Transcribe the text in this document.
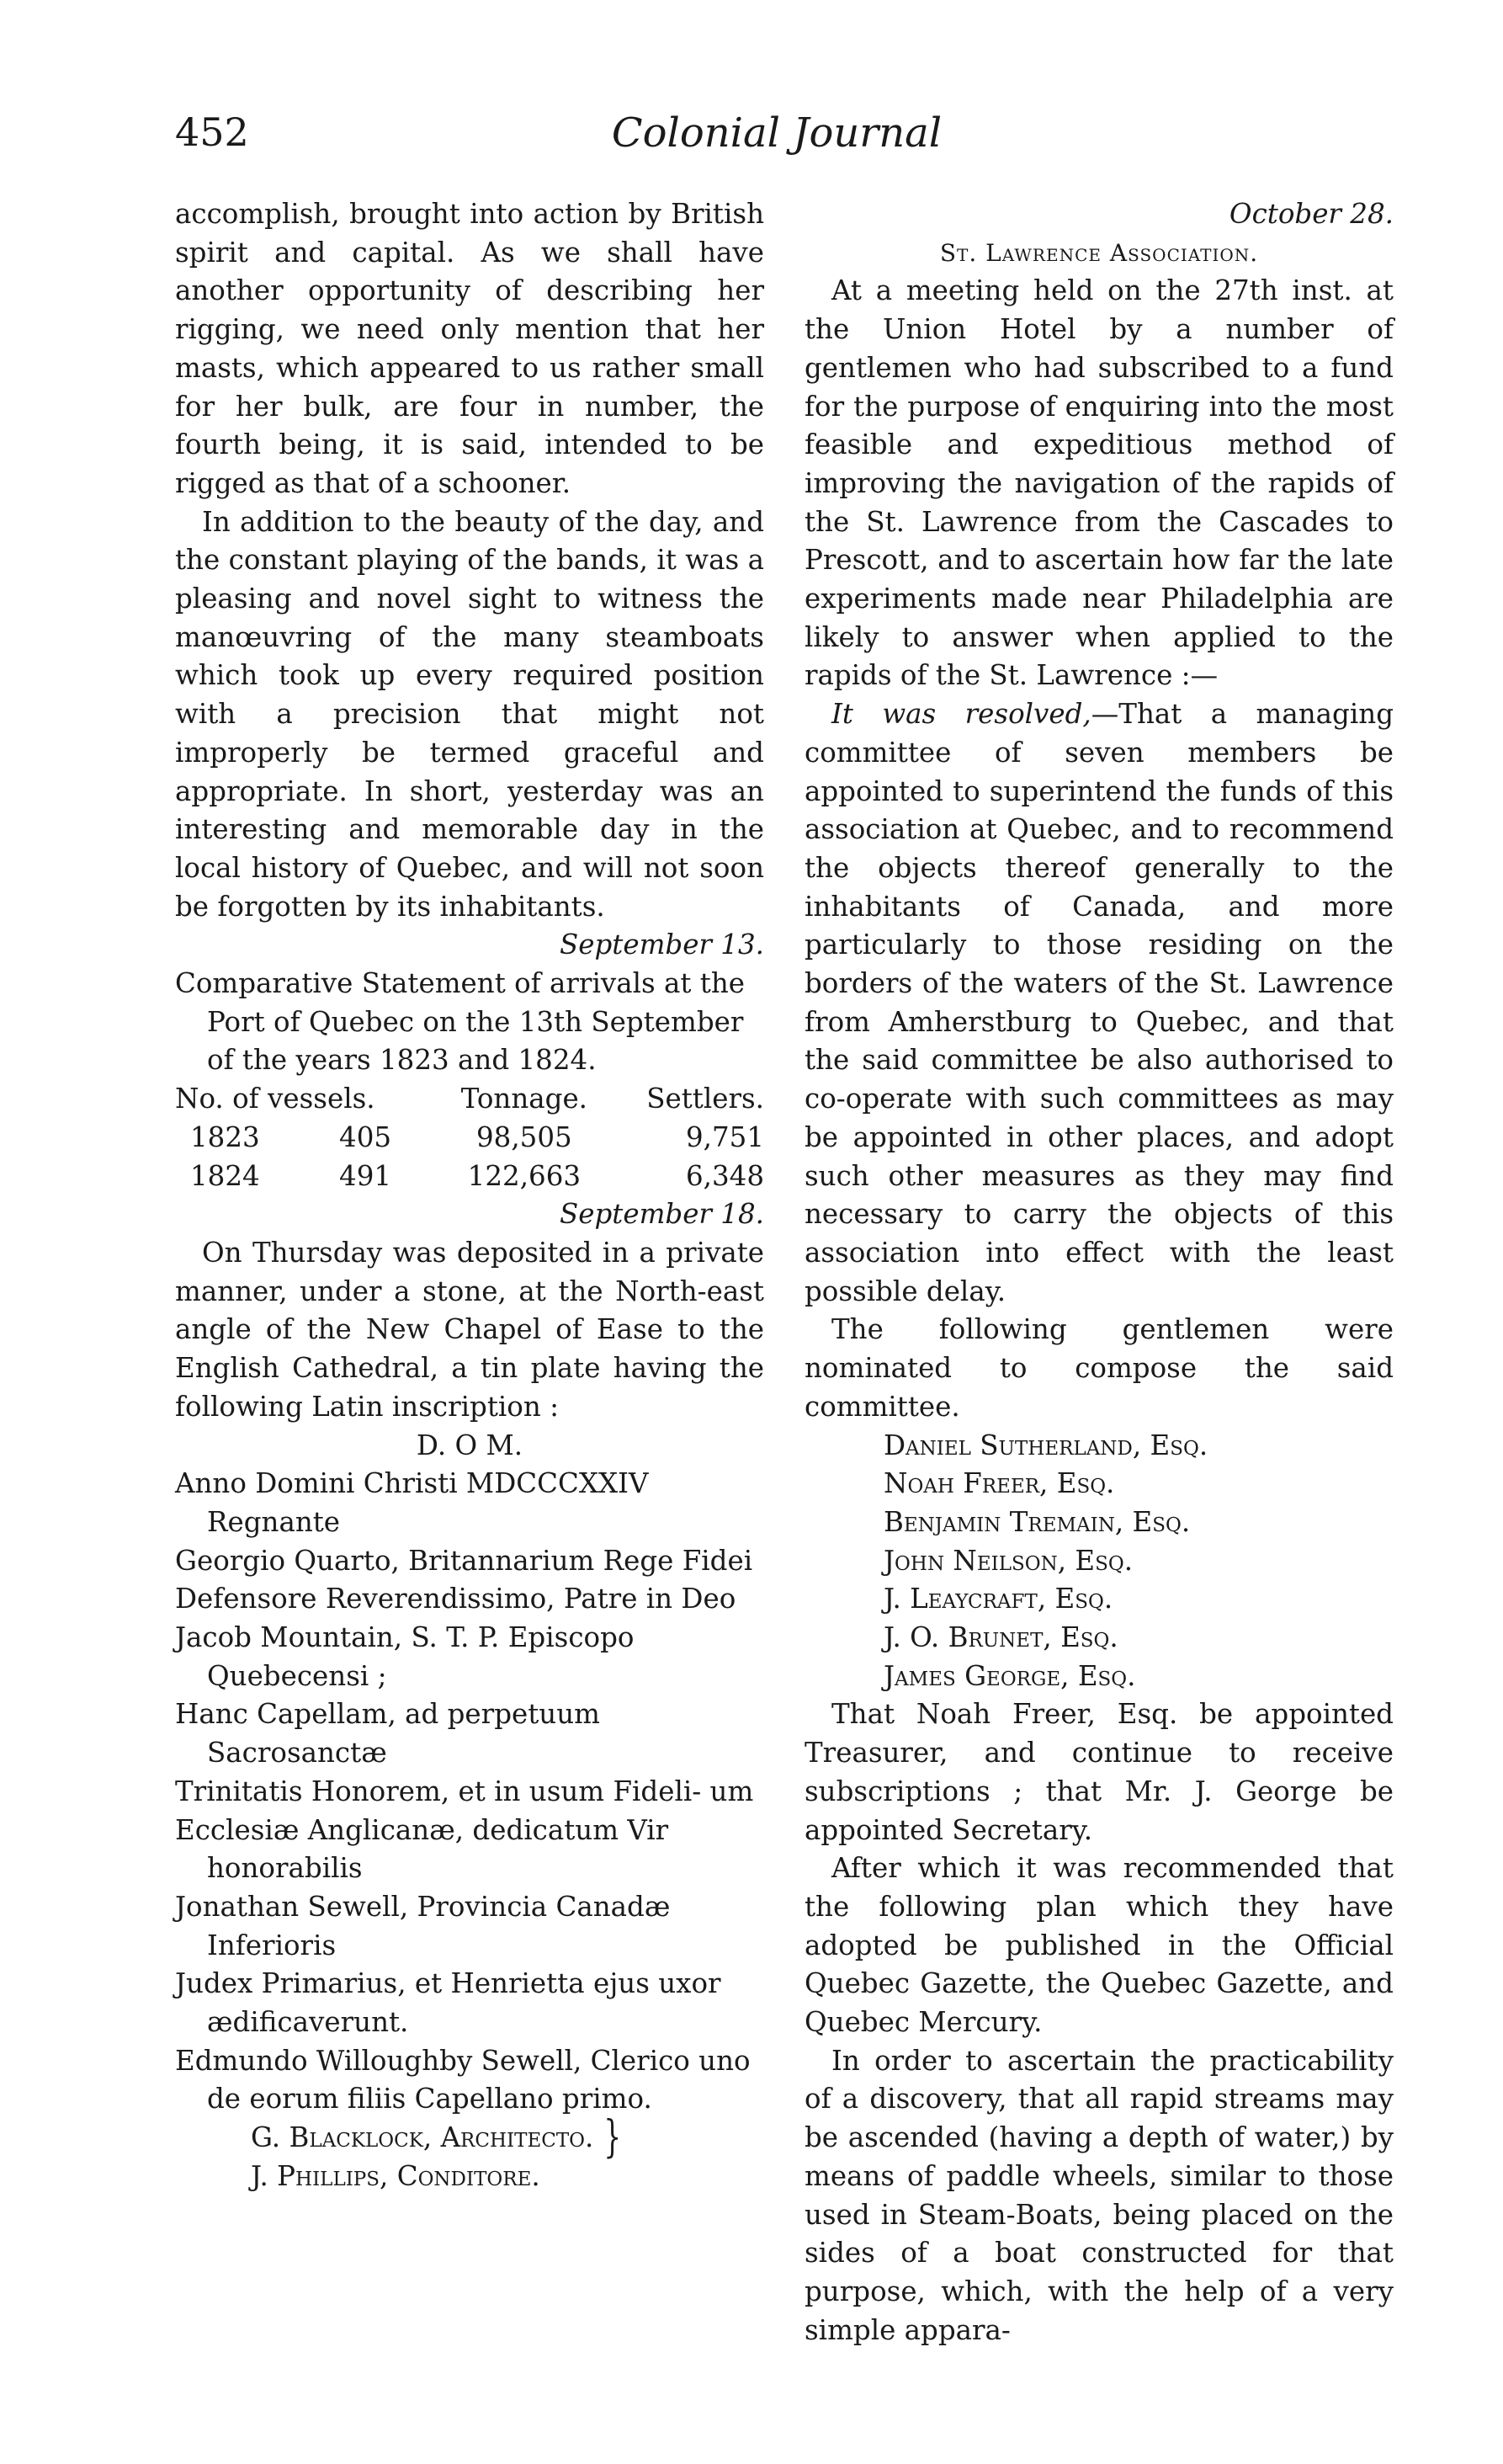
452	Colonial Journal

accomplish, brought into action by British spirit and capital. As we shall have another opportunity of describing her rigging, we need only mention that her masts, which appeared to us rather small for her bulk, are four in number, the fourth being, it is said, intended to be rigged as that of a schooner.

In addition to the beauty of the day, and the constant playing of the bands, it was a pleasing and novel sight to witness the manœuvring of the many steamboats which took up every required position with a precision that might not improperly be termed graceful and appropriate. In short, yesterday was an interesting and memorable day in the local history of Quebec, and will not soon be forgotten by its inhabitants.

September 13.

Comparative Statement of arrivals at the Port of Quebec on the 13th September of the years 1823 and 1824.

No. of vessels.		Tonnage.	Settlers.
1823	405	98,505	9,751
1824	491	122,663	6,348

September 18.

On Thursday was deposited in a private manner, under a stone, at the North-east angle of the New Chapel of Ease to the English Cathedral, a tin plate having the following Latin inscription :

D. O M.

Anno Domini Christi MDCCCXXIV Regnante

Georgio Quarto, Britannarium Rege Fidei

Defensore Reverendissimo, Patre in Deo

Jacob Mountain, S. T. P. Episcopo Quebecensi ;

Hanc Capellam, ad perpetuum Sacrosanctæ

Trinitatis Honorem, et in usum Fideli- um

Ecclesiæ Anglicanæ, dedicatum Vir honorabilis

Jonathan Sewell, Provincia Canadæ Inferioris

Judex Primarius, et Henrietta ejus uxor ædificaverunt.

Edmundo Willoughby Sewell, Clerico uno de eorum filiis Capellano primo.

G. Blacklock, Architecto. }
J. Phillips, Conditore.

October 28.

St. Lawrence Association.

At a meeting held on the 27th inst. at the Union Hotel by a number of gentlemen who had subscribed to a fund for the purpose of enquiring into the most feasible and expeditious method of improving the navigation of the rapids of the St. Lawrence from the Cascades to Prescott, and to ascertain how far the late experiments made near Philadelphia are likely to answer when applied to the rapids of the St. Lawrence :—

It was resolved,—That a managing committee of seven members be appointed to superintend the funds of this association at Quebec, and to recommend the objects thereof generally to the inhabitants of Canada, and more particularly to those residing on the borders of the waters of the St. Lawrence from Amherstburg to Quebec, and that the said committee be also authorised to co-operate with such committees as may be appointed in other places, and adopt such other measures as they may find necessary to carry the objects of this association into effect with the least possible delay.

The following gentlemen were nominated to compose the said committee.

Daniel Sutherland, Esq.
Noah Freer, Esq.
Benjamin Tremain, Esq.
John Neilson, Esq.
J. Leaycraft, Esq.
J. O. Brunet, Esq.
James George, Esq.

That Noah Freer, Esq. be appointed Treasurer, and continue to receive subscriptions ; that Mr. J. George be appointed Secretary.

After which it was recommended that the following plan which they have adopted be published in the Official Quebec Gazette, the Quebec Gazette, and Quebec Mercury.

In order to ascertain the practicability of a discovery, that all rapid streams may be ascended (having a depth of water,) by means of paddle wheels, similar to those used in Steam-Boats, being placed on the sides of a boat constructed for that purpose, which, with the help of a very simple appara-
